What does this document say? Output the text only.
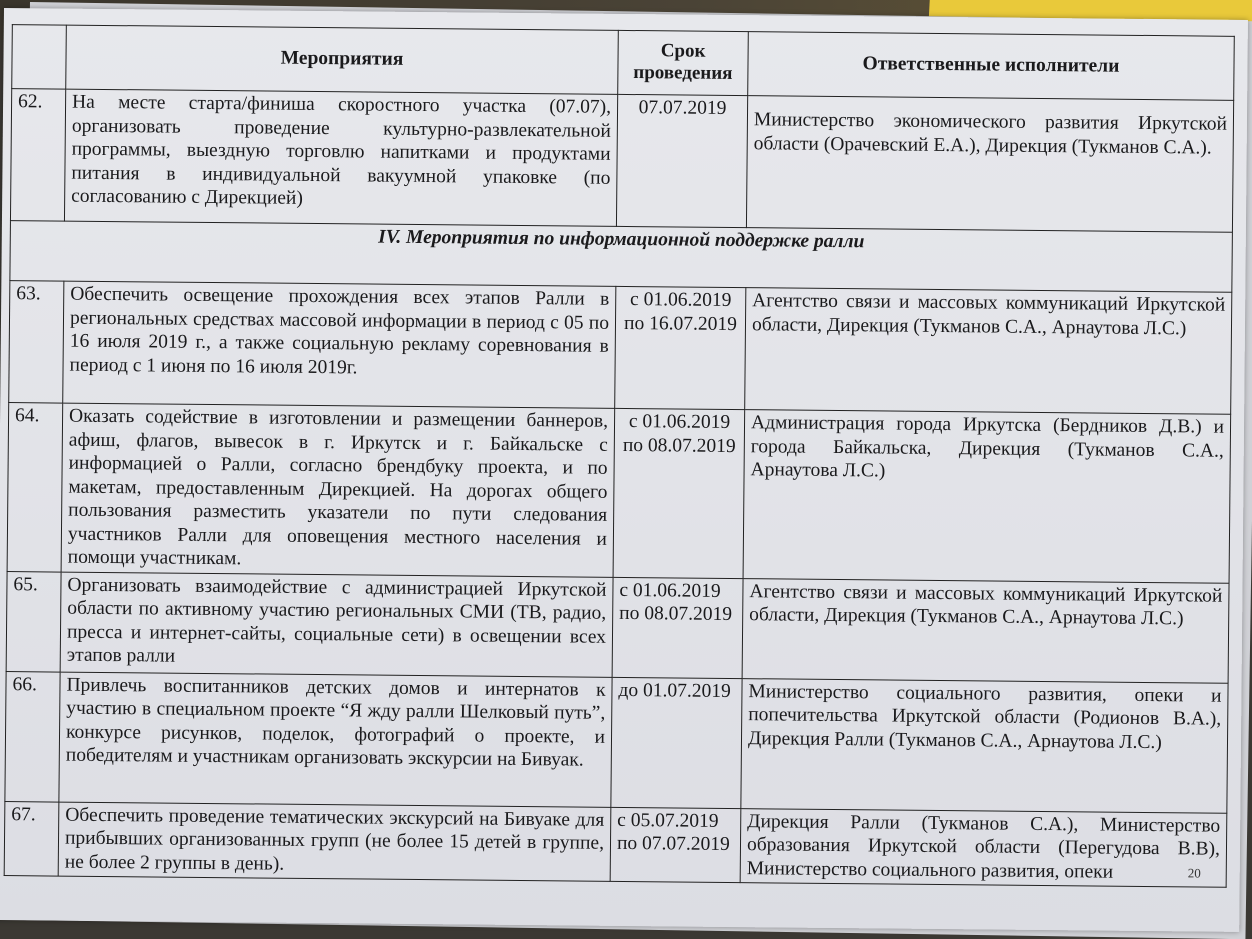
	Мероприятия	Срок проведения	Ответственные исполнители
62.	На месте старта/финиша скоростного участка (07.07), организовать проведение культурно-развлекательной программы, выездную торговлю напитками и продуктами питания в индивидуальной вакуумной упаковке (по согласованию с Дирекцией)	07.07.2019	Министерство экономического развития Иркутской области (Орачевский Е.А.), Дирекция (Тукманов С.А.).
IV. Мероприятия по информационной поддержке ралли			
63.	Обеспечить освещение прохождения всех этапов Ралли в региональных средствах массовой информации в период с 05 по 16 июля 2019 г., а также социальную рекламу соревнования в период с 1 июня по 16 июля 2019г.	с 01.06.2019 по 16.07.2019	Агентство связи и массовых коммуникаций Иркутской области, Дирекция (Тукманов С.А., Арнаутова Л.С.)
64.	Оказать содействие в изготовлении и размещении баннеров, афиш, флагов, вывесок в г. Иркутск и г. Байкальске с информацией о Ралли, согласно брендбуку проекта, и по макетам, предоставленным Дирекцией. На дорогах общего пользования разместить указатели по пути следования участников Ралли для оповещения местного населения и помощи участникам.	с 01.06.2019 по 08.07.2019	Администрация города Иркутска (Бердников Д.В.) и города Байкальска, Дирекция (Тукманов С.А., Арнаутова Л.С.)
65.	Организовать взаимодействие с администрацией Иркутской области по активному участию региональных СМИ (ТВ, радио, пресса и интернет-сайты, социальные сети) в освещении всех этапов ралли	с 01.06.2019 по 08.07.2019	Агентство связи и массовых коммуникаций Иркутской области, Дирекция (Тукманов С.А., Арнаутова Л.С.)
66.	Привлечь воспитанников детских домов и интернатов к участию в специальном проекте “Я жду ралли Шелковый путь”, конкурсе рисунков, поделок, фотографий о проекте, и победителям и участникам организовать экскурсии на Бивуак.	до 01.07.2019	Министерство социального развития, опеки и попечительства Иркутской области (Родионов В.А.), Дирекция Ралли (Тукманов С.А., Арнаутова Л.С.)
67.	Обеспечить проведение тематических экскурсий на Бивуаке для прибывших организованных групп (не более 15 детей в группе, не более 2 группы в день).	с 05.07.2019 по 07.07.2019	Дирекция Ралли (Тукманов С.А.), Министерство образования Иркутской области (Перегудова В.В), Министерство социального развития, опеки	20
